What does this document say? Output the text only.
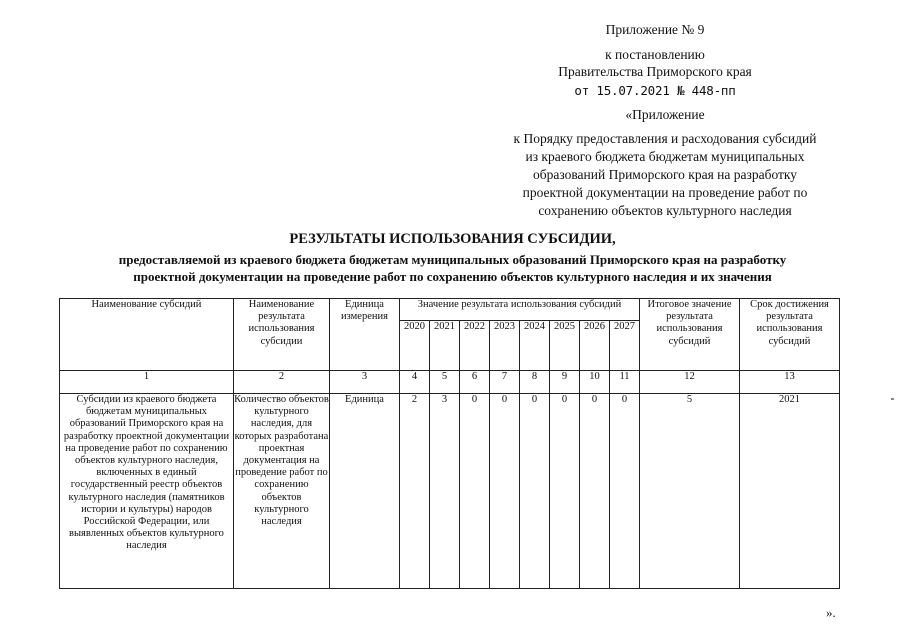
Приложение № 9
к постановлению
Правительства Приморского края
от 15.07.2021 № 448-пп
«Приложение
к Порядку предоставления и расходования субсидий
из краевого бюджета бюджетам муниципальных
образований Приморского края на разработку
проектной документации на проведение работ по
сохранению объектов культурного наследия
РЕЗУЛЬТАТЫ ИСПОЛЬЗОВАНИЯ СУБСИДИИ,
предоставляемой из краевого бюджета бюджетам муниципальных образований Приморского края на разработку
проектной документации на проведение работ по сохранению объектов культурного наследия и их значения
Наименование субсидий	Наименование результата использования субсидии	Единица измерения	Значение результата использования субсидий								Итоговое значение результата использования субсидий	Срок достижения результата использования субсидий
			2020	2021	2022	2023	2024	2025	2026	2027		
1	2	3	4	5	6	7	8	9	10	11	12	13
Субсидии из краевого бюджета бюджетам муниципальных образований Приморского края на разработку проектной документации на проведение работ по сохранению объектов культурного наследия, включенных в единый государственный реестр объектов культурного наследия (памятников истории и культуры) народов Российской Федерации, или выявленных объектов культурного наследия	Количество объектов культурного наследия, для которых разработана проектная документация на проведение работ по сохранению объектов культурного наследия	Единица	2	3	0	0	0	0	0	0	5	2021
».
